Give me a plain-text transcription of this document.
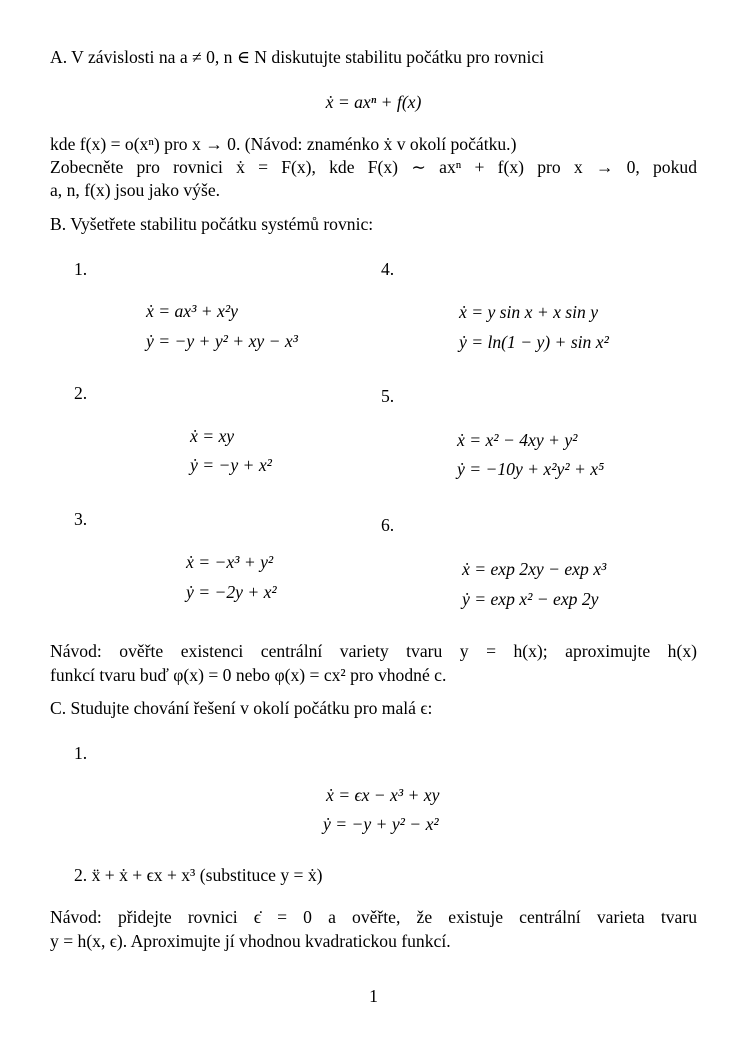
A. V závislosti na a ≠ 0, n ∈ N diskutujte stabilitu počátku pro rovnici
ẋ = axⁿ + f(x)
kde f(x) = o(xⁿ) pro x → 0. (Návod: znaménko ẋ v okolí počátku.)
Zobecněte pro rovnici ẋ = F(x), kde F(x) ∼ axⁿ + f(x) pro x → 0, pokud
a, n, f(x) jsou jako výše.
B. Vyšetřete stabilitu počátku systémů rovnic:
1.
ẋ = ax³ + x²y
ẏ = −y + y² + xy − x³
2.
ẋ = xy
ẏ = −y + x²
3.
ẋ = −x³ + y²
ẏ = −2y + x²
4.
ẋ = y sin x + x sin y
ẏ = ln(1 − y) + sin x²
5.
ẋ = x² − 4xy + y²
ẏ = −10y + x²y² + x⁵
6.
ẋ = exp 2xy − exp x³
ẏ = exp x² − exp 2y
Návod: ověřte existenci centrální variety tvaru y = h(x); aproximujte h(x)
funkcí tvaru buď φ(x) = 0 nebo φ(x) = cx² pro vhodné c.
C. Studujte chování řešení v okolí počátku pro malá ϵ:
1.
ẋ = ϵx − x³ + xy
ẏ = −y + y² − x²
2. ẍ + ẋ + ϵx + x³ (substituce y = ẋ)
Návod: přidejte rovnici ϵ̇ = 0 a ověřte, že existuje centrální varieta tvaru
y = h(x, ϵ). Aproximujte jí vhodnou kvadratickou funkcí.
1
